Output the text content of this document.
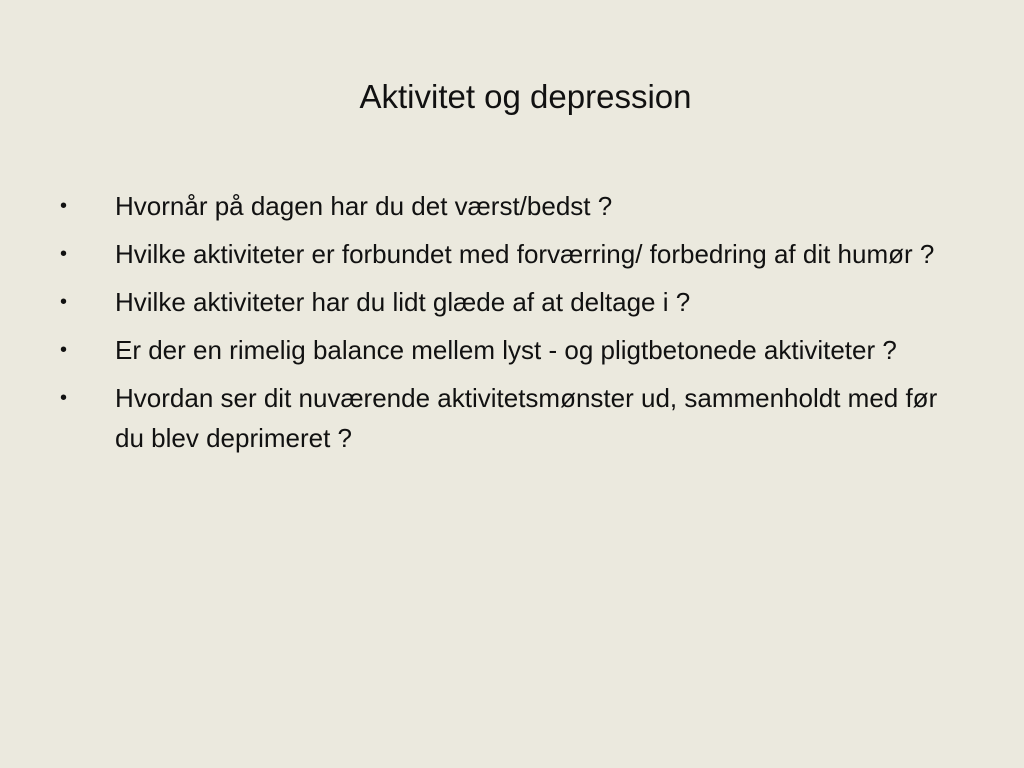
Aktivitet og depression
• Hvornår på dagen har du det værst/bedst ?
• Hvilke aktiviteter er forbundet med forværring/ forbedring af dit humør ?
• Hvilke aktiviteter har du lidt glæde af at deltage i ?
• Er der en rimelig balance mellem lyst - og pligtbetonede aktiviteter ?
• Hvordan ser dit nuværende aktivitetsmønster ud, sammenholdt med før du blev deprimeret ?
